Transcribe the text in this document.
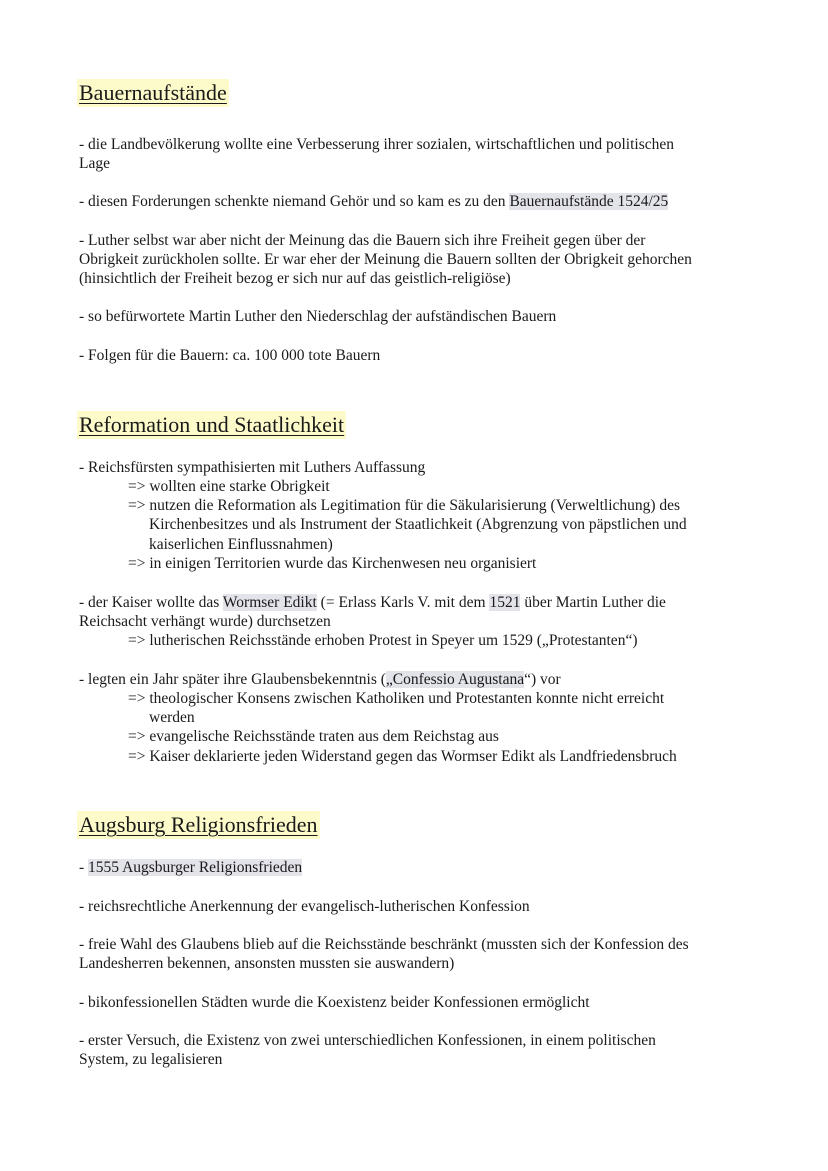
Bauernaufstände
- die Landbevölkerung wollte eine Verbesserung ihrer sozialen, wirtschaftlichen und politischen
Lage
- diesen Forderungen schenkte niemand Gehör und so kam es zu den Bauernaufstände 1524/25
- Luther selbst war aber nicht der Meinung das die Bauern sich ihre Freiheit gegen über der
Obrigkeit zurückholen sollte. Er war eher der Meinung die Bauern sollten der Obrigkeit gehorchen
(hinsichtlich der Freiheit bezog er sich nur auf das geistlich-religiöse)
- so befürwortete Martin Luther den Niederschlag der aufständischen Bauern
- Folgen für die Bauern: ca. 100 000 tote Bauern
Reformation und Staatlichkeit
- Reichsfürsten sympathisierten mit Luthers Auffassung
=> wollten eine starke Obrigkeit
=> nutzen die Reformation als Legitimation für die Säkularisierung (Verweltlichung) des

Kirchenbesitzes und als Instrument der Staatlichkeit (Abgrenzung von päpstlichen und
kaiserlichen Einflussnahmen)
=> in einigen Territorien wurde das Kirchenwesen neu organisiert
- der Kaiser wollte das Wormser Edikt (= Erlass Karls V. mit dem 1521 über Martin Luther die
Reichsacht verhängt wurde) durchsetzen
=> lutherischen Reichsstände erhoben Protest in Speyer um 1529 („Protestanten“)
- legten ein Jahr später ihre Glaubensbekenntnis („Confessio Augustana“) vor
=> theologischer Konsens zwischen Katholiken und Protestanten konnte nicht erreicht

werden
=> evangelische Reichsstände traten aus dem Reichstag aus
=> Kaiser deklarierte jeden Widerstand gegen das Wormser Edikt als Landfriedensbruch
Augsburg Religionsfrieden
- 1555 Augsburger Religionsfrieden
- reichsrechtliche Anerkennung der evangelisch-lutherischen Konfession
- freie Wahl des Glaubens blieb auf die Reichsstände beschränkt (mussten sich der Konfession des
Landesherren bekennen, ansonsten mussten sie auswandern)
- bikonfessionellen Städten wurde die Koexistenz beider Konfessionen ermöglicht
- erster Versuch, die Existenz von zwei unterschiedlichen Konfessionen, in einem politischen
System, zu legalisieren
